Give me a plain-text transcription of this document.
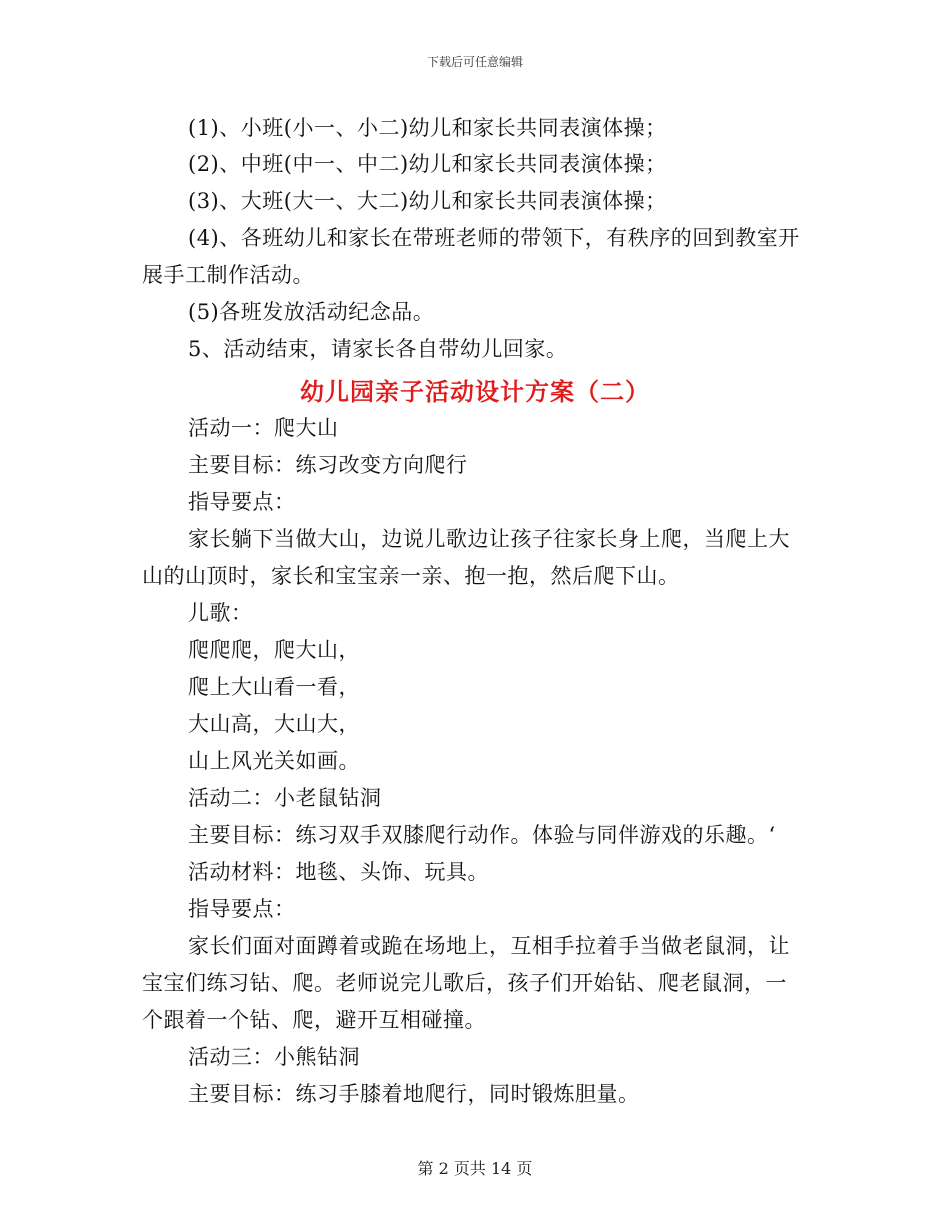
下载后可任意编辑
(1)、小班(小一、小二)幼儿和家长共同表演体操；
(2)、中班(中一、中二)幼儿和家长共同表演体操；
(3)、大班(大一、大二)幼儿和家长共同表演体操；
(4)、各班幼儿和家长在带班老师的带领下，有秩序的回到教室开
展手工制作活动。
(5)各班发放活动纪念品。
5、活动结束，请家长各自带幼儿回家。
幼儿园亲子活动设计方案（二）
活动一：爬大山
主要目标：练习改变方向爬行
指导要点：
家长躺下当做大山，边说儿歌边让孩子往家长身上爬，当爬上大
山的山顶时，家长和宝宝亲一亲、抱一抱，然后爬下山。
儿歌：
爬爬爬，爬大山，
爬上大山看一看，
大山高，大山大，
山上风光关如画。
活动二：小老鼠钻洞
主要目标：练习双手双膝爬行动作。体验与同伴游戏的乐趣。‘
活动材料：地毯、头饰、玩具。
指导要点：
家长们面对面蹲着或跪在场地上，互相手拉着手当做老鼠洞，让
宝宝们练习钻、爬。老师说完儿歌后，孩子们开始钻、爬老鼠洞，一
个跟着一个钻、爬，避开互相碰撞。
活动三：小熊钻洞
主要目标：练习手膝着地爬行，同时锻炼胆量。
第 2 页共 14 页
